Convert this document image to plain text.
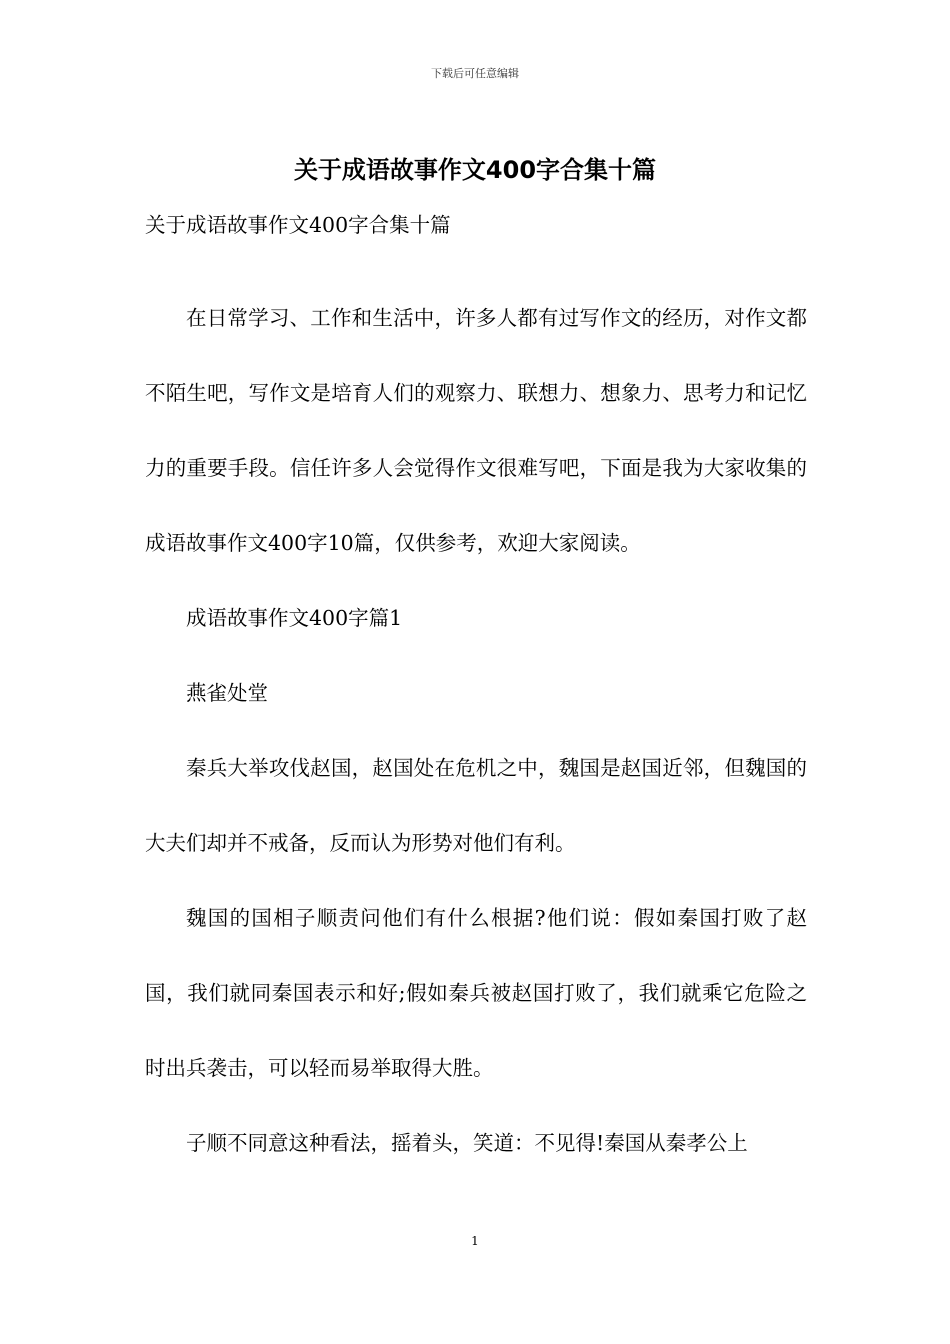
下载后可任意编辑
关于成语故事作文400字合集十篇

关于成语故事作文400字合集十篇

在日常学习、工作和生活中，许多人都有过写作文的经历，对作文都不陌生吧，写作文是培育人们的观察力、联想力、想象力、思考力和记忆力的重要手段。信任许多人会觉得作文很难写吧，下面是我为大家收集的成语故事作文400字10篇，仅供参考，欢迎大家阅读。

成语故事作文400字篇1

燕雀处堂

秦兵大举攻伐赵国，赵国处在危机之中，魏国是赵国近邻，但魏国的大夫们却并不戒备，反而认为形势对他们有利。

魏国的国相子顺责问他们有什么根据?他们说：假如秦国打败了赵国，我们就同秦国表示和好;假如秦兵被赵国打败了，我们就乘它危险之时出兵袭击，可以轻而易举取得大胜。

子顺不同意这种看法，摇着头，笑道：不见得!秦国从秦孝公上

1
